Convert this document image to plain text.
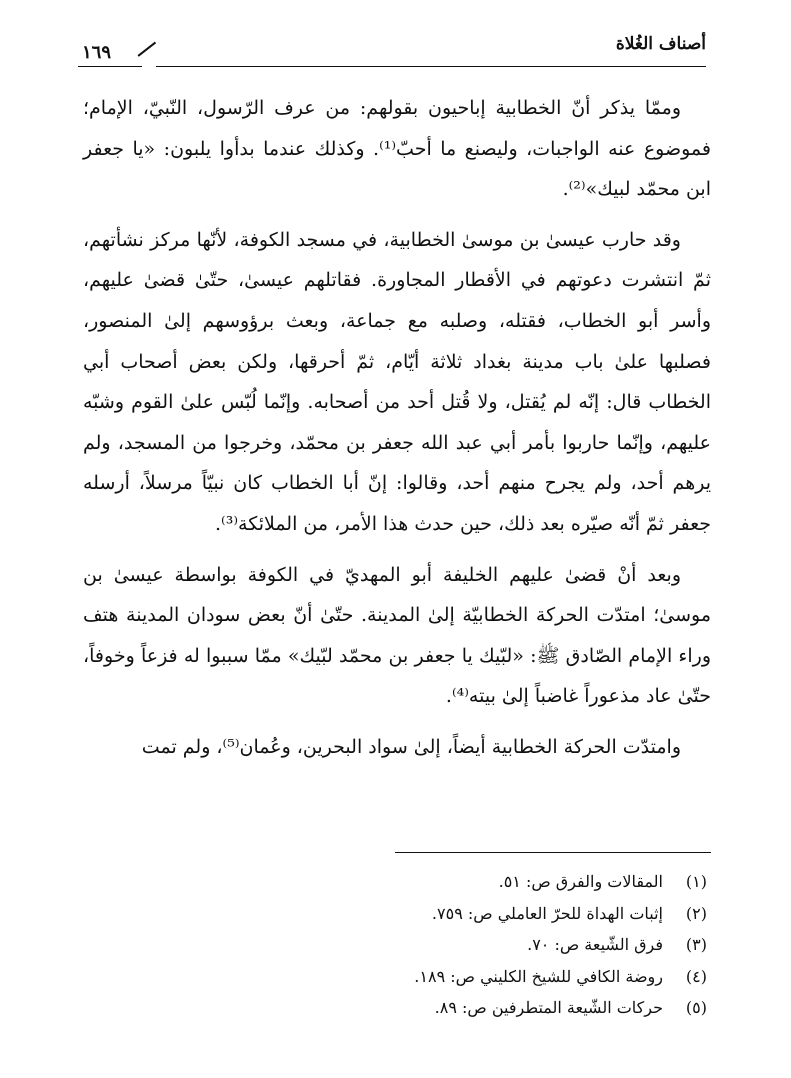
أصناف الغُلاة
١٦٩

وممّا يذكر أنّ الخطابية إباحيون بقولهم: من عرف الرّسول، النّبيّ، الإمام؛ فموضوع عنه الواجبات، وليصنع ما أحبّ⁽¹⁾. وكذلك عندما بدأوا يلبون: «يا جعفر ابن محمّد لبيك»⁽²⁾.

وقد حارب عيسىٰ بن موسىٰ الخطابية، في مسجد الكوفة، لأنّها مركز نشأتهم، ثمّ انتشرت دعوتهم في الأقطار المجاورة. فقاتلهم عيسىٰ، حتّىٰ قضىٰ عليهم، وأسر أبو الخطاب، فقتله، وصلبه مع جماعة، وبعث برؤوسهم إلىٰ المنصور، فصلبها علىٰ باب مدينة بغداد ثلاثة أيّام، ثمّ أحرقها، ولكن بعض أصحاب أبي الخطاب قال: إنّه لم يُقتل، ولا قُتل أحد من أصحابه. وإنّما لُبّس علىٰ القوم وشبّه عليهم، وإنّما حاربوا بأمر أبي عبد الله جعفر بن محمّد، وخرجوا من المسجد، ولم يرهم أحد، ولم يجرح منهم أحد، وقالوا: إنّ أبا الخطاب كان نبيّاً مرسلاً، أرسله جعفر ثمّ أنّه صيّره بعد ذلك، حين حدث هذا الأمر، من الملائكة⁽³⁾.

وبعد أنْ قضىٰ عليهم الخليفة أبو المهديّ في الكوفة بواسطة عيسىٰ بن موسىٰ؛ امتدّت الحركة الخطابيّة إلىٰ المدينة. حتّىٰ أنّ بعض سودان المدينة هتف وراء الإمام الصّادق ﷺ: «لبّيك يا جعفر بن محمّد لبّيك» ممّا سببوا له فزعاً وخوفاً، حتّىٰ عاد مذعوراً غاضباً إلىٰ بيته⁽⁴⁾.

وامتدّت الحركة الخطابية أيضاً، إلىٰ سواد البحرين، وعُمان⁽⁵⁾، ولم تمت

(١)
المقالات والفرق ص: ٥١.
(٢)
إثبات الهداة للحرّ العاملي ص: ٧٥٩.
(٣)
فرق الشّيعة ص: ٧٠.
(٤)
روضة الكافي للشيخ الكليني ص: ١٨٩.
(٥)
حركات الشّيعة المتطرفين ص: ٨٩.
